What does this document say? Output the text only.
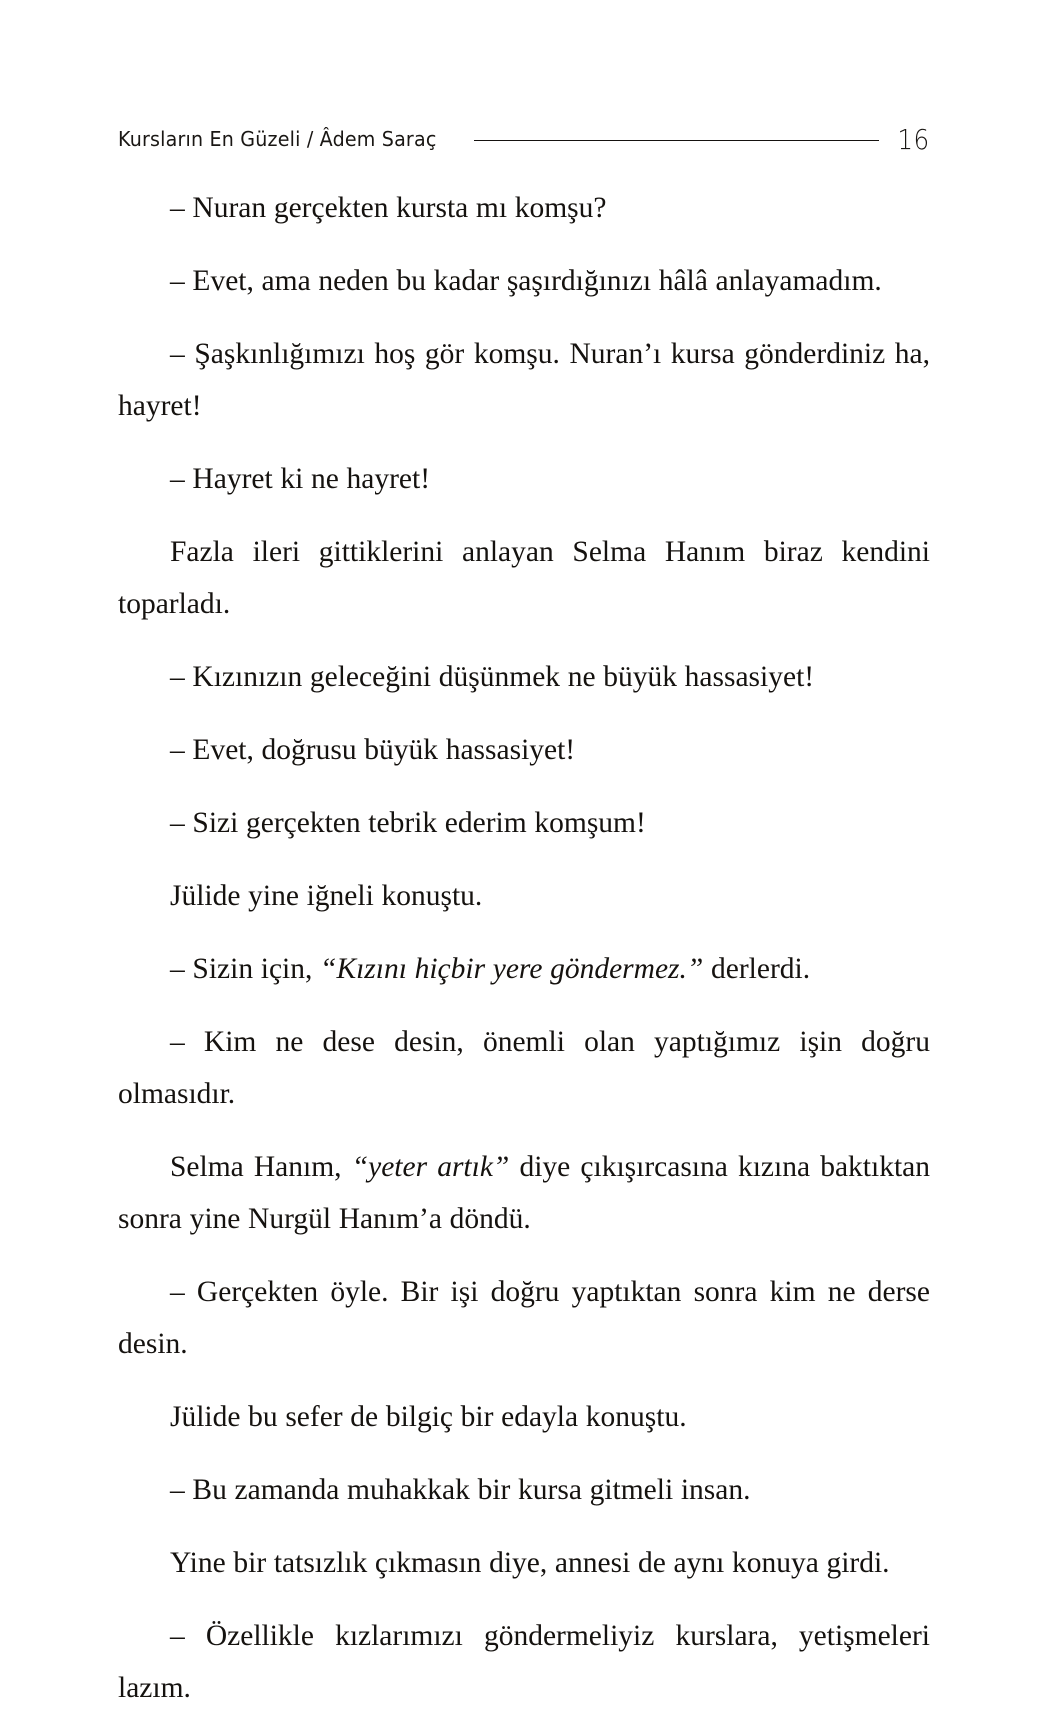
Kursların En Güzeli / Âdem Saraç	16

– Nuran gerçekten kursta mı komşu?

– Evet, ama neden bu kadar şaşırdığınızı hâlâ anlayamadım.

– Şaşkınlığımızı hoş gör komşu. Nuran’ı kursa gönderdiniz ha, hayret!

– Hayret ki ne hayret!

Fazla ileri gittiklerini anlayan Selma Hanım biraz kendini toparladı.

– Kızınızın geleceğini düşünmek ne büyük hassasiyet!

– Evet, doğrusu büyük hassasiyet!

– Sizi gerçekten tebrik ederim komşum!

Jülide yine iğneli konuştu.

– Sizin için, “Kızını hiçbir yere göndermez.” derlerdi.

– Kim ne dese desin, önemli olan yaptığımız işin doğru olmasıdır.

Selma Hanım, “yeter artık” diye çıkışırcasına kızına baktıktan sonra yine Nurgül Hanım’a döndü.

– Gerçekten öyle. Bir işi doğru yaptıktan sonra kim ne derse desin.

Jülide bu sefer de bilgiç bir edayla konuştu.

– Bu zamanda muhakkak bir kursa gitmeli insan.

Yine bir tatsızlık çıkmasın diye, annesi de aynı konuya girdi.

– Özellikle kızlarımızı göndermeliyiz kurslara, yetişmeleri lazım.
